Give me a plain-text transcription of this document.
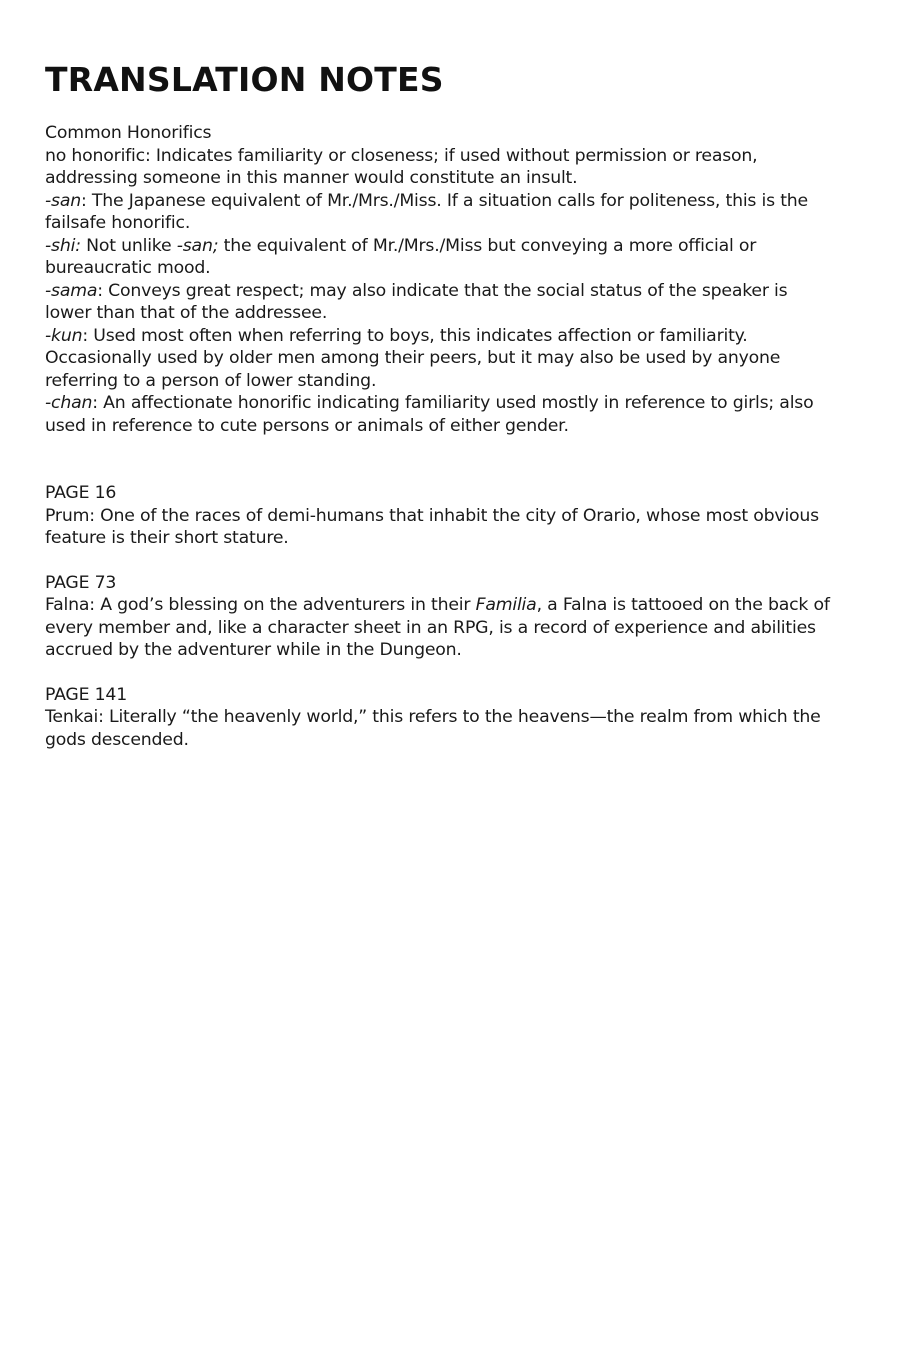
TRANSLATION NOTES

Common Honorifics

no honorific: Indicates familiarity or closeness; if used without permission or reason, addressing someone in this manner would constitute an insult.

-san: The Japanese equivalent of Mr./Mrs./Miss. If a situation calls for politeness, this is the failsafe honorific.

-shi: Not unlike -san; the equivalent of Mr./Mrs./Miss but conveying a more official or bureaucratic mood.

-sama: Conveys great respect; may also indicate that the social status of the speaker is lower than that of the addressee.

-kun: Used most often when referring to boys, this indicates affection or familiarity. Occasionally used by older men among their peers, but it may also be used by anyone referring to a person of lower standing.

-chan: An affectionate honorific indicating familiarity used mostly in reference to girls; also used in reference to cute persons or animals of either gender.

PAGE 16

Prum: One of the races of demi-humans that inhabit the city of Orario, whose most obvious feature is their short stature.

PAGE 73

Falna: A god’s blessing on the adventurers in their Familia, a Falna is tattooed on the back of every member and, like a character sheet in an RPG, is a record of experience and abilities accrued by the adventurer while in the Dungeon.

PAGE 141

Tenkai: Literally “the heavenly world,” this refers to the heavens—the realm from which the gods descended.
